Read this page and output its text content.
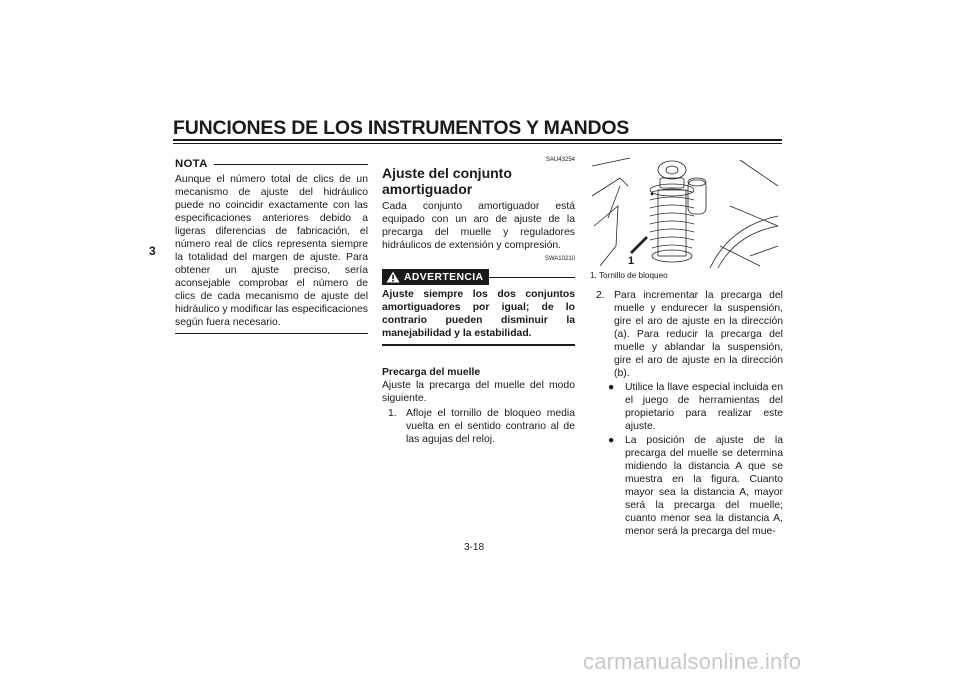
FUNCIONES DE LOS INSTRUMENTOS Y MANDOS
3
NOTA
Aunque el número total de clics de un mecanismo de ajuste del hidráulico puede no coincidir exactamente con las especificaciones anteriores debido a ligeras diferencias de fabricación, el número real de clics representa siempre la totalidad del margen de ajuste. Para obtener un ajuste preciso, sería aconsejable comprobar el número de clics de cada mecanismo de ajuste del hidráulico y modificar las especificaciones según fuera necesario.
SAU43254
Ajuste del conjunto amortiguador
Cada conjunto amortiguador está equipado con un aro de ajuste de la precarga del muelle y reguladores hidráulicos de extensión y compresión.
SWA10210
ADVERTENCIA
Ajuste siempre los dos conjuntos amortiguadores por igual; de lo contrario pueden disminuir la manejabilidad y la estabilidad.
Precarga del muelle
Ajuste la precarga del muelle del modo siguiente.
1. Afloje el tornillo de bloqueo media vuelta en el sentido contrario al de las agujas del reloj.
1
1. Tornillo de bloqueo
2. Para incrementar la precarga del muelle y endurecer la suspensión, gire el aro de ajuste en la dirección (a). Para reducir la precarga del muelle y ablandar la suspensión, gire el aro de ajuste en la dirección (b).
●	Utilice la llave especial incluida en el juego de herramientas del propietario para realizar este ajuste.
●	La posición de ajuste de la precarga del muelle se determina midiendo la distancia A que se muestra en la figura. Cuanto mayor sea la distancia A, mayor será la precarga del muelle; cuanto menor sea la distancia A, menor será la precarga del mue-
3-18
carmanualsonline.info
